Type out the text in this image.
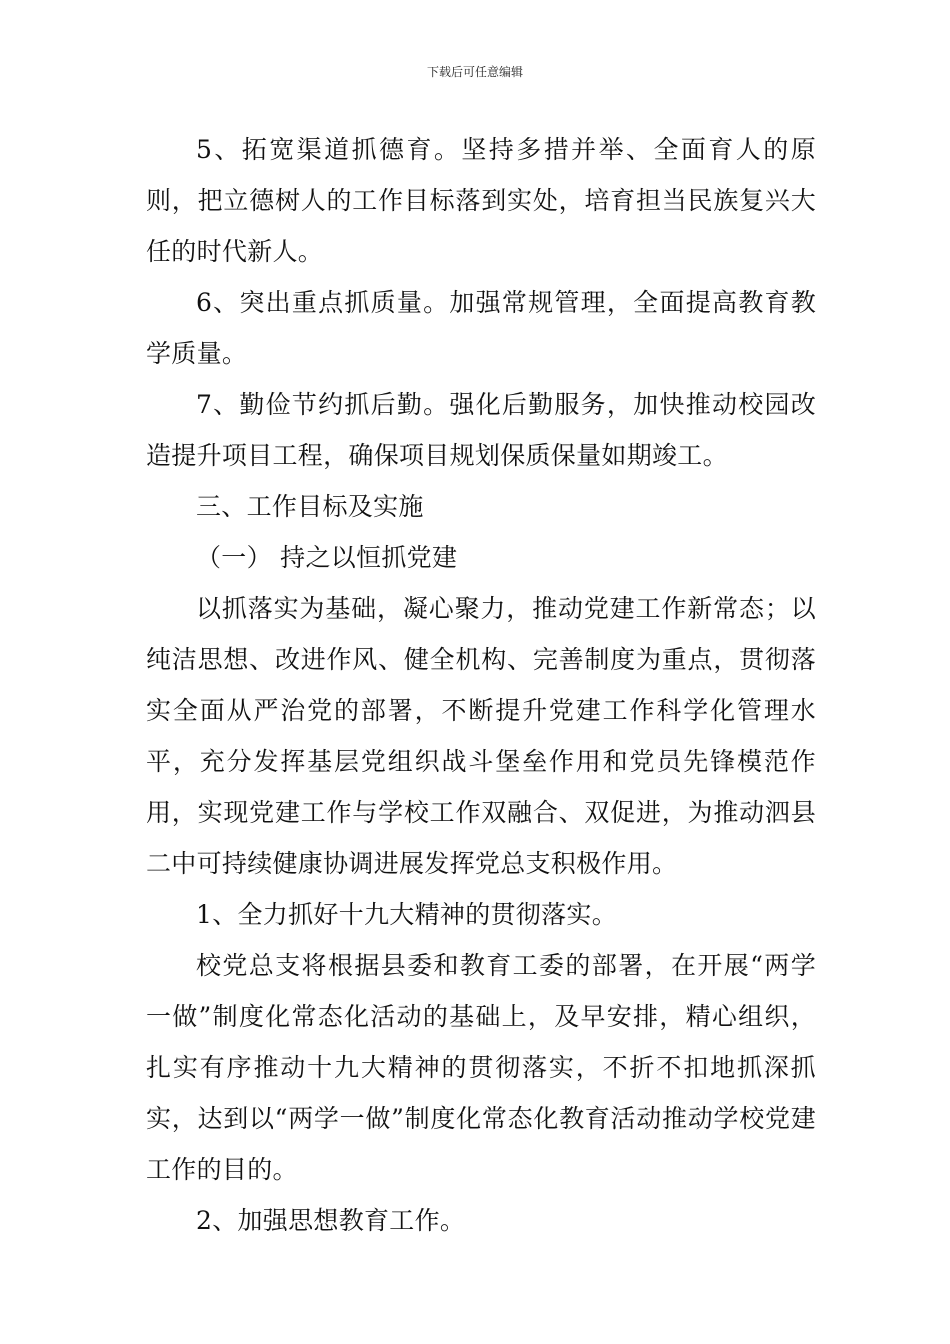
下载后可任意编辑

5、拓宽渠道抓德育。坚持多措并举、全面育人的原则，把立德树人的工作目标落到实处，培育担当民族复兴大任的时代新人。

6、突出重点抓质量。加强常规管理，全面提高教育教学质量。

7、勤俭节约抓后勤。强化后勤服务，加快推动校园改造提升项目工程，确保项目规划保质保量如期竣工。

三、工作目标及实施

（一） 持之以恒抓党建

以抓落实为基础，凝心聚力，推动党建工作新常态；以纯洁思想、改进作风、健全机构、完善制度为重点，贯彻落实全面从严治党的部署，不断提升党建工作科学化管理水平，充分发挥基层党组织战斗堡垒作用和党员先锋模范作用，实现党建工作与学校工作双融合、双促进，为推动泗县二中可持续健康协调进展发挥党总支积极作用。

1、全力抓好十九大精神的贯彻落实。

校党总支将根据县委和教育工委的部署，在开展“两学一做”制度化常态化活动的基础上，及早安排，精心组织，扎实有序推动十九大精神的贯彻落实，不折不扣地抓深抓实，达到以“两学一做”制度化常态化教育活动推动学校党建工作的目的。

2、加强思想教育工作。
